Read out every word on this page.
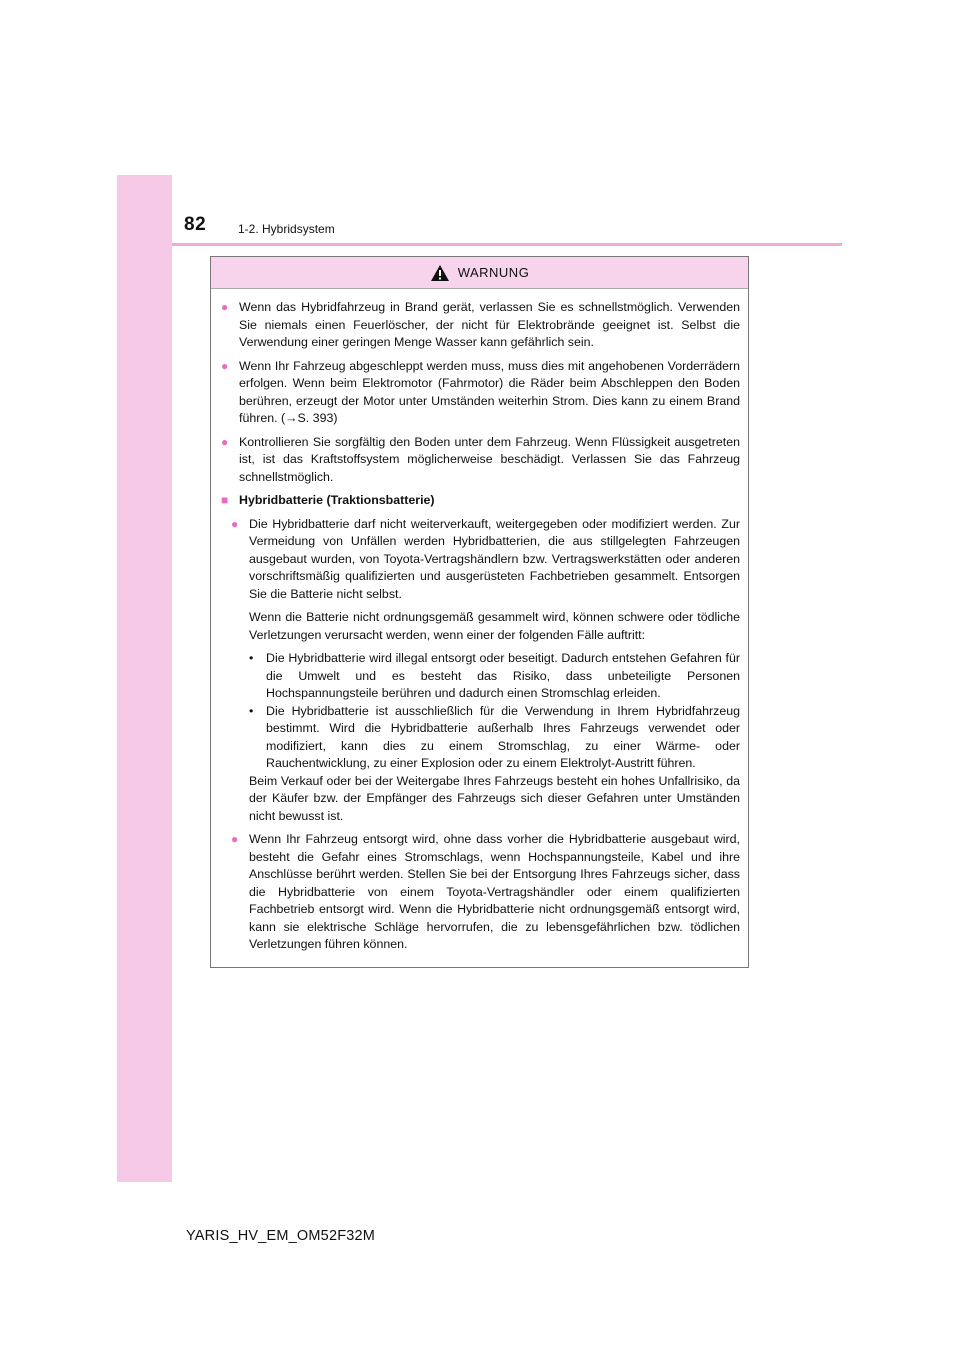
82	1-2. Hybridsystem
WARNUNG
● Wenn das Hybridfahrzeug in Brand gerät, verlassen Sie es schnellstmöglich. Verwenden Sie niemals einen Feuerlöscher, der nicht für Elektrobrände geeignet ist. Selbst die Verwendung einer geringen Menge Wasser kann gefährlich sein.
● Wenn Ihr Fahrzeug abgeschleppt werden muss, muss dies mit angehobenen Vorderrädern erfolgen. Wenn beim Elektromotor (Fahrmotor) die Räder beim Abschleppen den Boden berühren, erzeugt der Motor unter Umständen weiterhin Strom. Dies kann zu einem Brand führen. (→S. 393)
● Kontrollieren Sie sorgfältig den Boden unter dem Fahrzeug. Wenn Flüssigkeit ausgetreten ist, ist das Kraftstoffsystem möglicherweise beschädigt. Verlassen Sie das Fahrzeug schnellstmöglich.
■ Hybridbatterie (Traktionsbatterie)
● Die Hybridbatterie darf nicht weiterverkauft, weitergegeben oder modifiziert werden. Zur Vermeidung von Unfällen werden Hybridbatterien, die aus stillgelegten Fahrzeugen ausgebaut wurden, von Toyota-Vertragshändlern bzw. Vertragswerkstätten oder anderen vorschriftsmäßig qualifizierten und ausgerüsteten Fachbetrieben gesammelt. Entsorgen Sie die Batterie nicht selbst.
Wenn die Batterie nicht ordnungsgemäß gesammelt wird, können schwere oder tödliche Verletzungen verursacht werden, wenn einer der folgenden Fälle auftritt:
•	Die Hybridbatterie wird illegal entsorgt oder beseitigt. Dadurch entstehen Gefahren für die Umwelt und es besteht das Risiko, dass unbeteiligte Personen Hochspannungsteile berühren und dadurch einen Stromschlag erleiden.
•	Die Hybridbatterie ist ausschließlich für die Verwendung in Ihrem Hybridfahrzeug bestimmt. Wird die Hybridbatterie außerhalb Ihres Fahrzeugs verwendet oder modifiziert, kann dies zu einem Stromschlag, zu einer Wärme- oder Rauchentwicklung, zu einer Explosion oder zu einem Elektrolyt-Austritt führen.
Beim Verkauf oder bei der Weitergabe Ihres Fahrzeugs besteht ein hohes Unfallrisiko, da der Käufer bzw. der Empfänger des Fahrzeugs sich dieser Gefahren unter Umständen nicht bewusst ist.
● Wenn Ihr Fahrzeug entsorgt wird, ohne dass vorher die Hybridbatterie ausgebaut wird, besteht die Gefahr eines Stromschlags, wenn Hochspannungsteile, Kabel und ihre Anschlüsse berührt werden. Stellen Sie bei der Entsorgung Ihres Fahrzeugs sicher, dass die Hybridbatterie von einem Toyota-Vertragshändler oder einem qualifizierten Fachbetrieb entsorgt wird. Wenn die Hybridbatterie nicht ordnungsgemäß entsorgt wird, kann sie elektrische Schläge hervorrufen, die zu lebensgefährlichen bzw. tödlichen Verletzungen führen können.
YARIS_HV_EM_OM52F32M
